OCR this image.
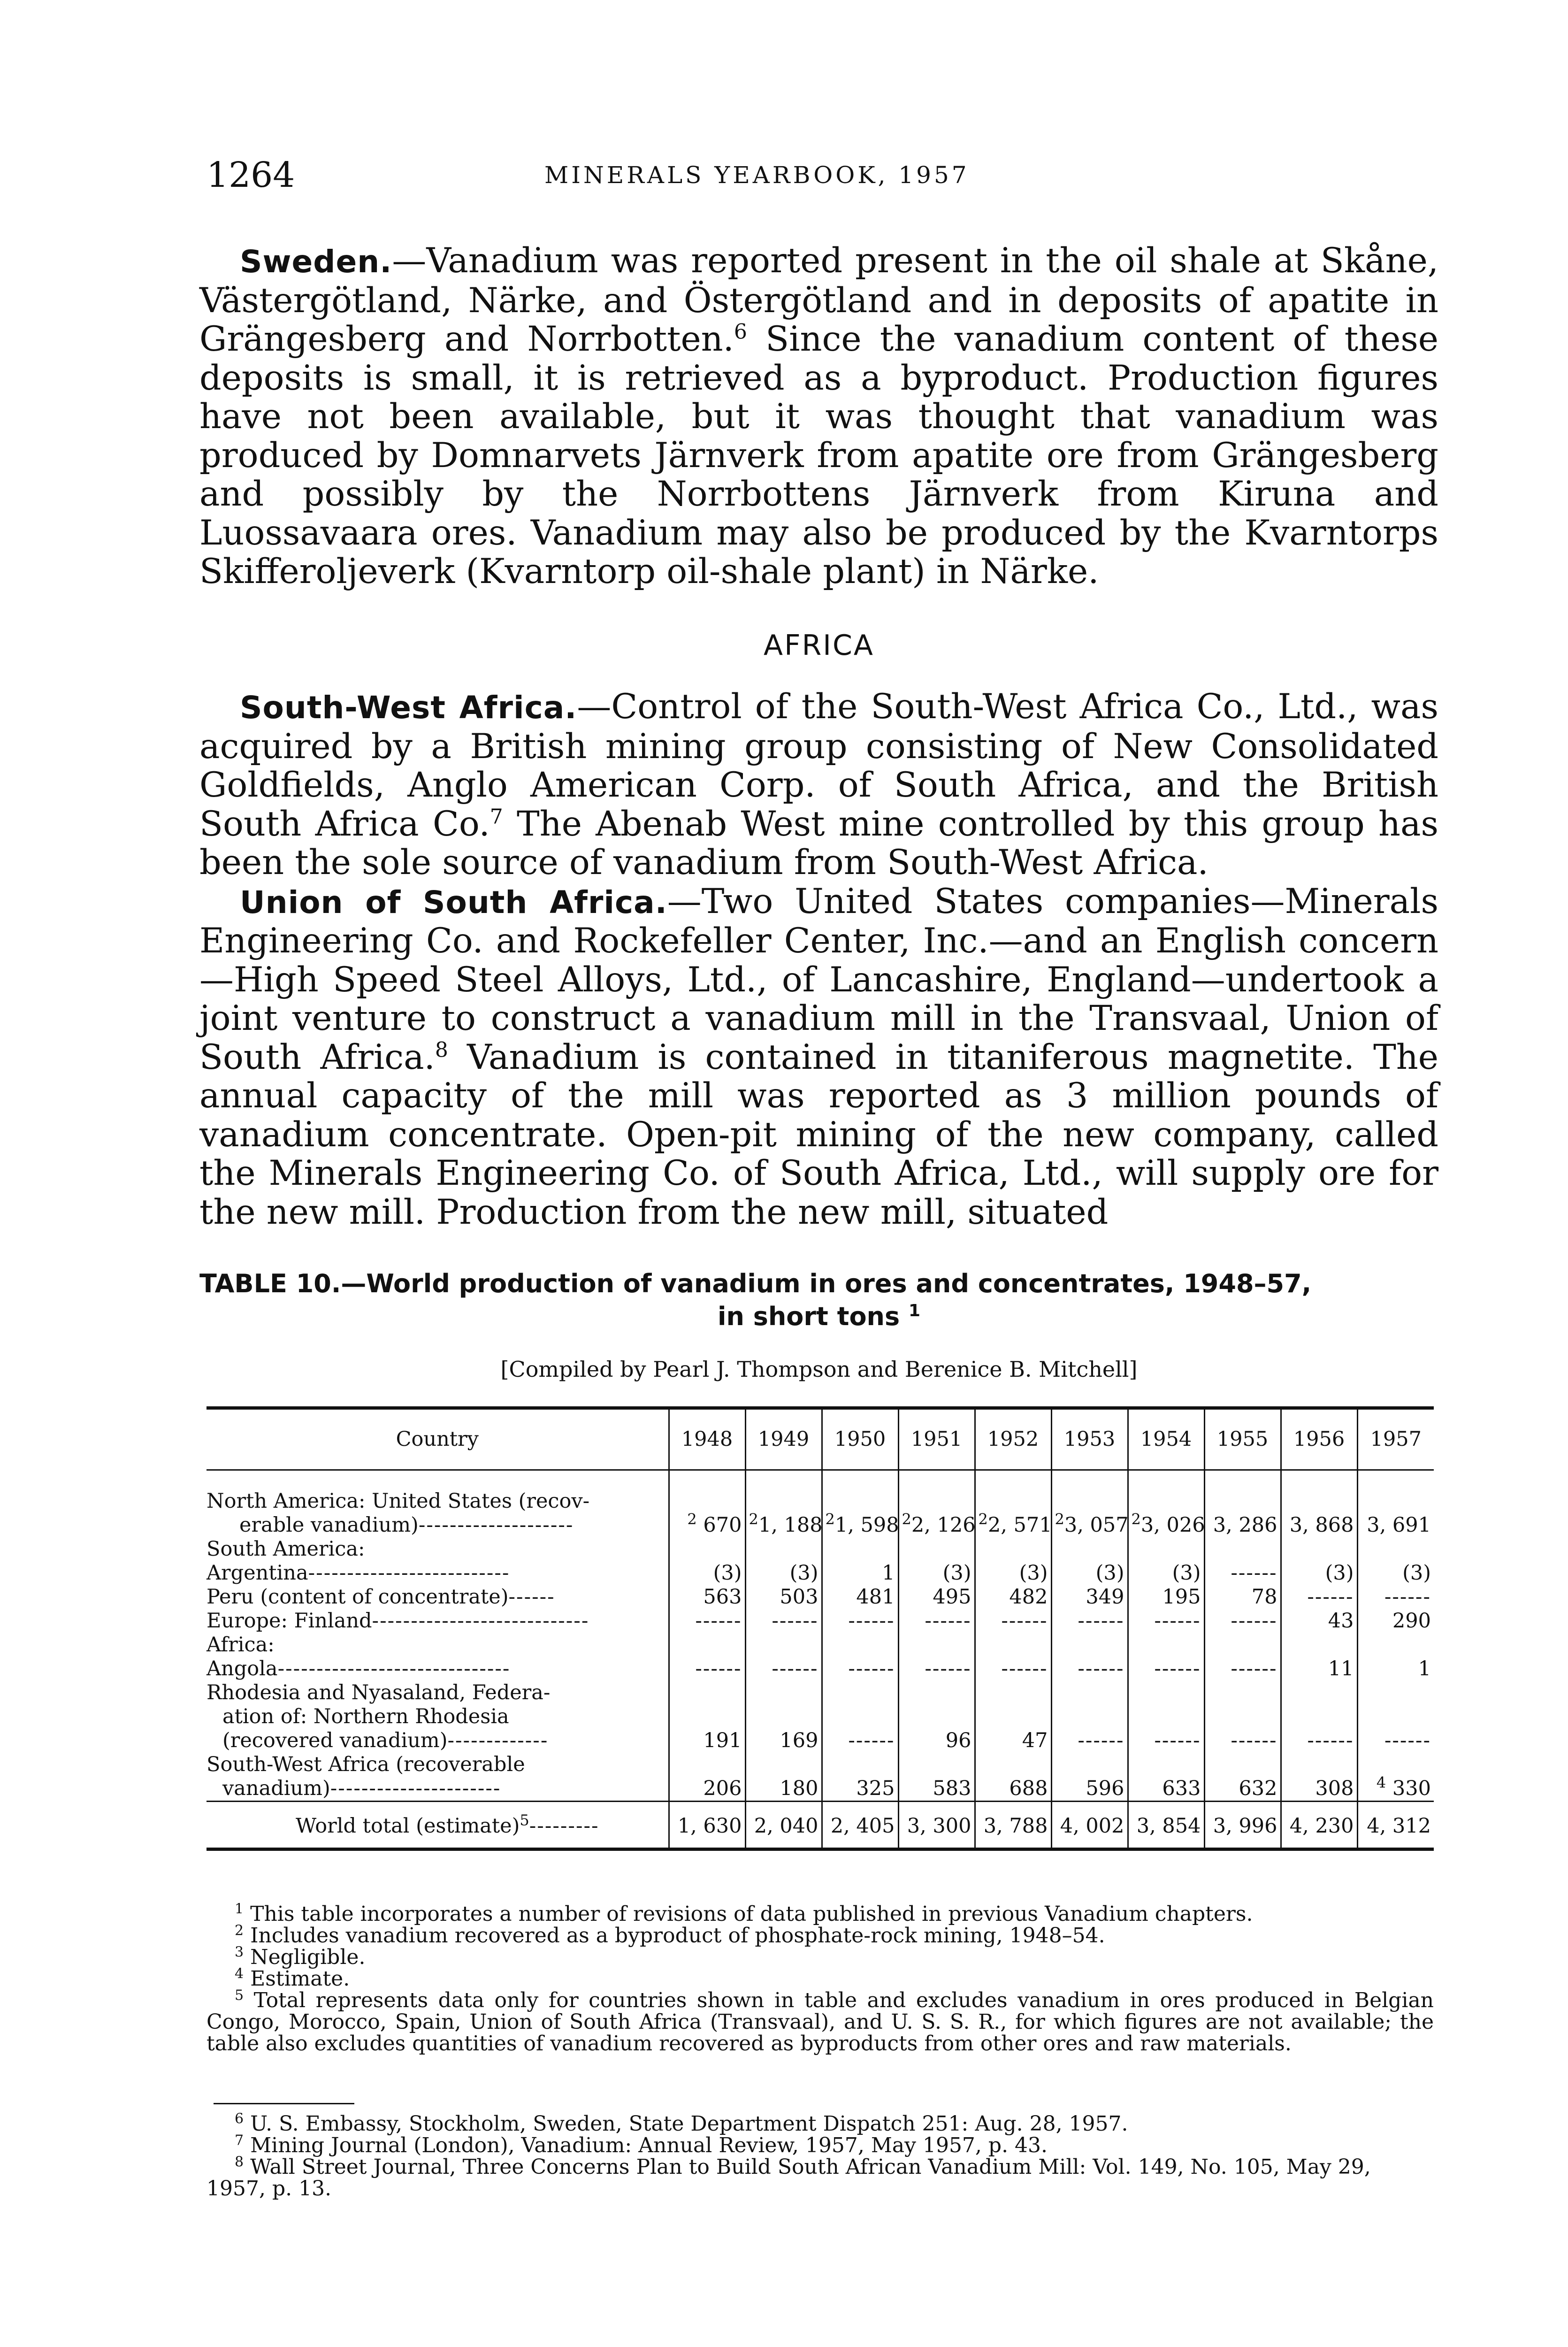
1264	MINERALS YEARBOOK, 1957

Sweden.—Vanadium was reported present in the oil shale at Skåne, Västergötland, Närke, and Östergötland and in deposits of apatite in Grängesberg and Norrbotten.$^6$ Since the vanadium content of these deposits is small, it is retrieved as a byproduct. Production figures have not been available, but it was thought that vanadium was produced by Domnarvets Järnverk from apatite ore from Grängesberg and possibly by the Norrbottens Järnverk from Kiruna and Luossavaara ores. Vanadium may also be produced by the Kvarntorps Skifferoljeverk (Kvarntorp oil-shale plant) in Närke.

AFRICA

South-West Africa.—Control of the South-West Africa Co., Ltd., was acquired by a British mining group consisting of New Consolidated Goldfields, Anglo American Corp. of South Africa, and the British South Africa Co.$^7$ The Abenab West mine controlled by this group has been the sole source of vanadium from South-West Africa.

Union of South Africa.—Two United States companies—Minerals Engineering Co. and Rockefeller Center, Inc.—and an English concern—High Speed Steel Alloys, Ltd., of Lancashire, England—undertook a joint venture to construct a vanadium mill in the Transvaal, Union of South Africa.$^8$ Vanadium is contained in titaniferous magnetite. The annual capacity of the mill was reported as 3 million pounds of vanadium concentrate. Open-pit mining of the new company, called the Minerals Engineering Co. of South Africa, Ltd., will supply ore for the new mill. Production from the new mill, situated

TABLE 10.—World production of vanadium in ores and concentrates, 1948–57,
in short tons $^1$
[Compiled by Pearl J. Thompson and Berenice B. Mitchell]
Country	1948	1949	1950	1951	1952	1953	1954	1955	1956	1957

North America: United States (recov-
erable vanadium)--------------------	$^2$ 670	$^2$1, 188	$^2$1, 598	$^2$2, 126	$^2$2, 571	$^2$3, 057	$^2$3, 026	3, 286	3, 868	3, 691
South America:										
Argentina--------------------------	(3)	(3)	1	(3)	(3)	(3)	(3)	------	(3)	(3)
Peru (content of concentrate)------	563	503	481	495	482	349	195	78	------	------
Europe: Finland----------------------------	------	------	------	------	------	------	------	------	43	290
Africa:										
Angola------------------------------	------	------	------	------	------	------	------	------	11	1

Rhodesia and Nyasaland, Federa-
ation of: Northern Rhodesia
(recovered vanadium)-------------	191	169	------	96	47	------	------	------	------	------

South-West Africa (recoverable
vanadium)----------------------	206	180	325	583	688	596	633	632	308	$^4$ 330
World total (estimate)$^5$---------	1, 630	2, 040	2, 405	3, 300	3, 788	4, 002	3, 854	3, 996	4, 230	4, 312

$^1$ This table incorporates a number of revisions of data published in previous Vanadium chapters.

$^2$ Includes vanadium recovered as a byproduct of phosphate-rock mining, 1948–54.

$^3$ Negligible.

$^4$ Estimate.

$^5$ Total represents data only for countries shown in table and excludes vanadium in ores produced in Belgian Congo, Morocco, Spain, Union of South Africa (Transvaal), and U. S. S. R., for which figures are not available; the table also excludes quantities of vanadium recovered as byproducts from other ores and raw materials.

$^6$ U. S. Embassy, Stockholm, Sweden, State Department Dispatch 251: Aug. 28, 1957.

$^7$ Mining Journal (London), Vanadium: Annual Review, 1957, May 1957, p. 43.

$^8$ Wall Street Journal, Three Concerns Plan to Build South African Vanadium Mill: Vol. 149, No. 105, May 29, 1957, p. 13.
